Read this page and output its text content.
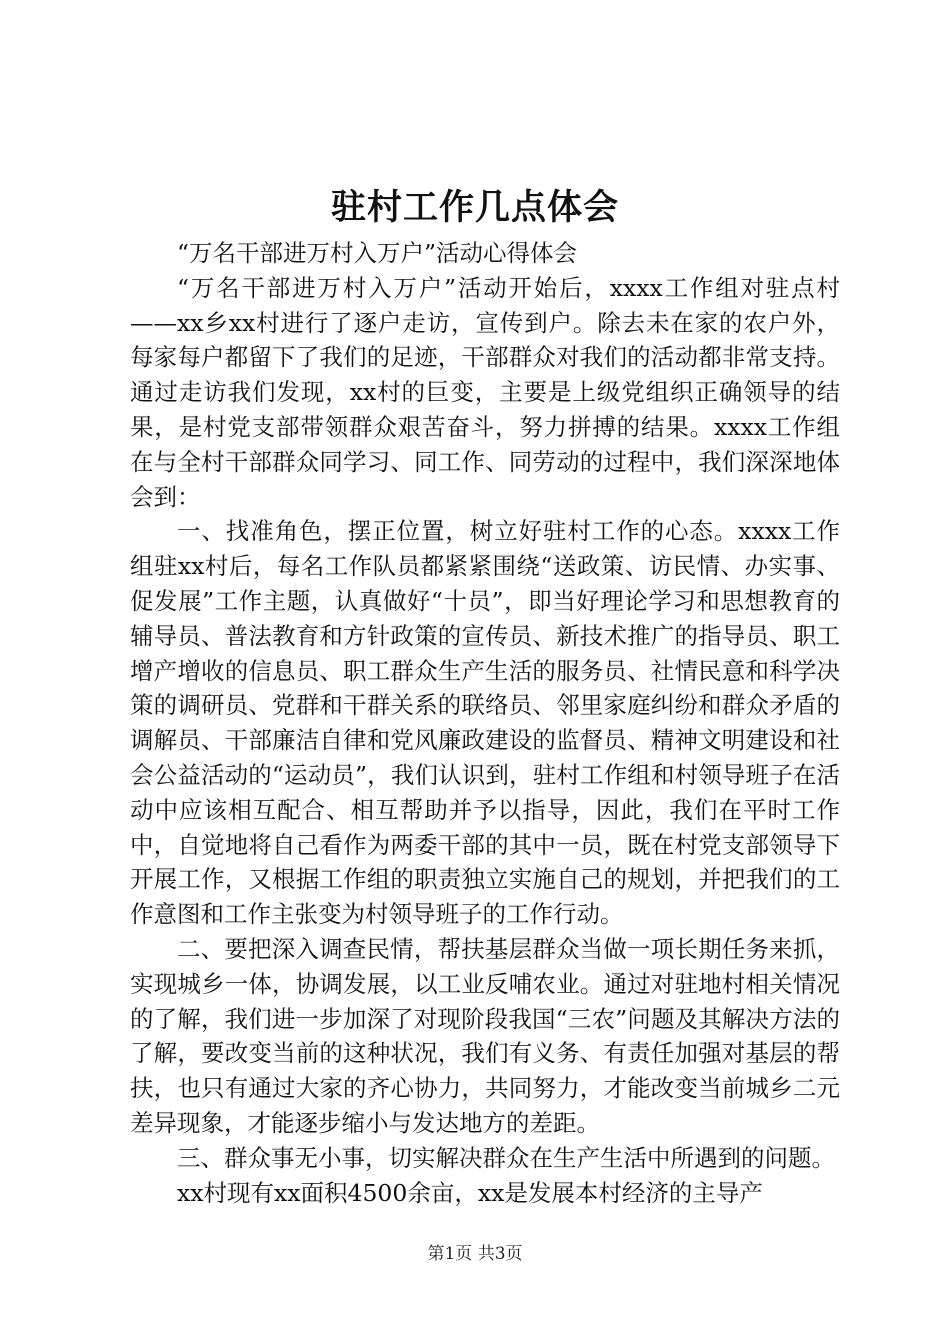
驻村工作几点体会

“万名干部进万村入万户”活动心得体会

“万名干部进万村入万户”活动开始后，xxxx工作组对驻点村——xx乡xx村进行了逐户走访，宣传到户。除去未在家的农户外，每家每户都留下了我们的足迹，干部群众对我们的活动都非常支持。通过走访我们发现，xx村的巨变，主要是上级党组织正确领导的结果，是村党支部带领群众艰苦奋斗，努力拼搏的结果。xxxx工作组在与全村干部群众同学习、同工作、同劳动的过程中，我们深深地体会到：

一、找准角色，摆正位置，树立好驻村工作的心态。xxxx工作组驻xx村后，每名工作队员都紧紧围绕“送政策、访民情、办实事、促发展”工作主题，认真做好“十员”，即当好理论学习和思想教育的辅导员、普法教育和方针政策的宣传员、新技术推广的指导员、职工增产增收的信息员、职工群众生产生活的服务员、社情民意和科学决策的调研员、党群和干群关系的联络员、邻里家庭纠纷和群众矛盾的调解员、干部廉洁自律和党风廉政建设的监督员、精神文明建设和社会公益活动的“运动员”，我们认识到，驻村工作组和村领导班子在活动中应该相互配合、相互帮助并予以指导，因此，我们在平时工作中，自觉地将自己看作为两委干部的其中一员，既在村党支部领导下开展工作，又根据工作组的职责独立实施自己的规划，并把我们的工作意图和工作主张变为村领导班子的工作行动。

二、要把深入调查民情，帮扶基层群众当做一项长期任务来抓，实现城乡一体，协调发展，以工业反哺农业。通过对驻地村相关情况的了解，我们进一步加深了对现阶段我国“三农”问题及其解决方法的了解，要改变当前的这种状况，我们有义务、有责任加强对基层的帮扶，也只有通过大家的齐心协力，共同努力，才能改变当前城乡二元差异现象，才能逐步缩小与发达地方的差距。

三、群众事无小事，切实解决群众在生产生活中所遇到的问题。

xx村现有xx面积4500余亩，xx是发展本村经济的主导产

第1页 共3页
